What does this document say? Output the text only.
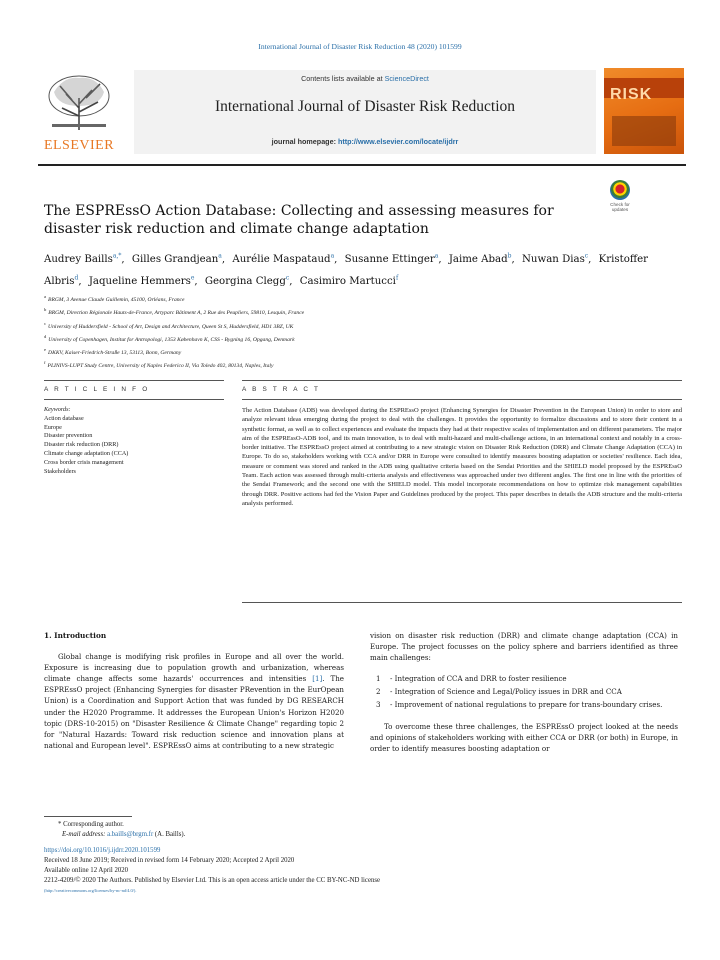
International Journal of Disaster Risk Reduction 48 (2020) 101599
ELSEVIER
Contents lists available at ScienceDirect
International Journal of Disaster Risk Reduction
journal homepage: http://www.elsevier.com/locate/ijdrr
RISK
Check for updates
The ESPREssO Action Database: Collecting and assessing measures for disaster risk reduction and climate change adaptation
Audrey Baills$^{a,*}$, Gilles Grandjean$^a$, Aurélie Maspataud$^a$, Susanne Ettinger$^a$, Jaime Abad$^b$, Nuwan Dias$^c$, Kristoffer Albris$^d$, Jaqueline Hemmers$^e$, Georgina Clegg$^c$, Casimiro Martucci$^f$
$^a$BRGM, 3 Avenue Claude Guillemin, 45100, Orléans, France
$^b$BRGM, Direction Régionale Hauts-de-France, Artyparc Bâtiment A, 2 Rue des Peupliers, 59810, Lesquin, France
$^c$University of Huddersfield - School of Art, Design and Architecture, Queen St S, Huddersfield, HD1 3BZ, UK
$^d$University of Copenhagen, Institut for Antropologi, 1353 København K, CSS - Bygning 16, Opgang, Denmark
$^e$DKKV, Kaiser-Friedrich-Straße 13, 53113, Bonn, Germany
$^f$PLINIVS-LUPT Study Centre, University of Naples Federico II, Via Toledo 402, 80134, Naples, Italy
A R T I C L E I N F O	A B S T R A C T
Keywords:
Action database
Europe
Disaster prevention
Disaster risk reduction (DRR)
Climate change adaptation (CCA)
Cross border crisis management
Stakeholders
The Action Database (ADB) was developed during the ESPREssO project (Enhancing Synergies for Disaster Prevention in the European Union) in order to store and analyze relevant ideas emerging during the project to deal with the challenges. It provides the opportunity to formalize discussions and to store their content in a synthetic format, as well as to collect experiences and evaluate the impacts they had at their respective scales of implementation and on different parameters. The major aim of the ESPREssO-ADB tool, and its main innovation, is to deal with multi-hazard and multi-challenge actions, in an international context and notably in a cross-border initiative. The ESPREssO project aimed at contributing to a new strategic vision on Disaster Risk Reduction (DRR) and Climate Change Adaptation (CCA) in Europe. To do so, stakeholders working with CCA and/or DRR in Europe were consulted to identify measures boosting adaptation or societies' resilience. Each idea, measure or comment was stored and ranked in the ADB using qualitative criteria based on the Sendai Priorities and the SHIELD model proposed by the ESPREssO Team. Each action was assessed through multi-criteria analysis and effectiveness was approached under two different angles. The first one in line with the priorities of the Sendai Framework; and the second one with the SHIELD model. This model incorporate recommendations on how to optimize risk management capabilities through DRR. Positive actions had fed the Vision Paper and Guidelines produced by the project. This paper describes in details the ADB structure and the multi-criteria analysis performed.
1. Introduction

Global change is modifying risk profiles in Europe and all over the world. Exposure is increasing due to population growth and urbanization, whereas climate change affects some hazards' occurrences and intensities [1]. The ESPREssO project (Enhancing Synergies for disaster PRevention in the EurOpean Union) is a Coordination and Support Action that was funded by DG RESEARCH under the H2020 Programme. It addresses the European Union's Horizon H2020 topic (DRS-10-2015) on "Disaster Resilience & Climate Change" regarding topic 2 for "Natural Hazards: Toward risk reduction science and innovation plans at national and European level". ESPREssO aims at contributing to a new strategic

vision on disaster risk reduction (DRR) and climate change adaptation (CCA) in Europe. The project focusses on the policy sphere and barriers identified as three main challenges:
1	- Integration of CCA and DRR to foster resilience
2	- Integration of Science and Legal/Policy issues in DRR and CCA
3	- Improvement of national regulations to prepare for trans-boundary crises.

To overcome these three challenges, the ESPREssO project looked at the needs and opinions of stakeholders working with either CCA or DRR (or both) in Europe, in order to identify measures boosting adaptation or

* Corresponding author.
E-mail address: a.baills@brgm.fr (A. Baills).
https://doi.org/10.1016/j.ijdrr.2020.101599
Received 18 June 2019; Received in revised form 14 February 2020; Accepted 2 April 2020
Available online 12 April 2020
2212-4209/© 2020 The Authors. Published by Elsevier Ltd. This is an open access article under the CC BY-NC-ND license
(http://creativecommons.org/licenses/by-nc-nd/4.0/).
